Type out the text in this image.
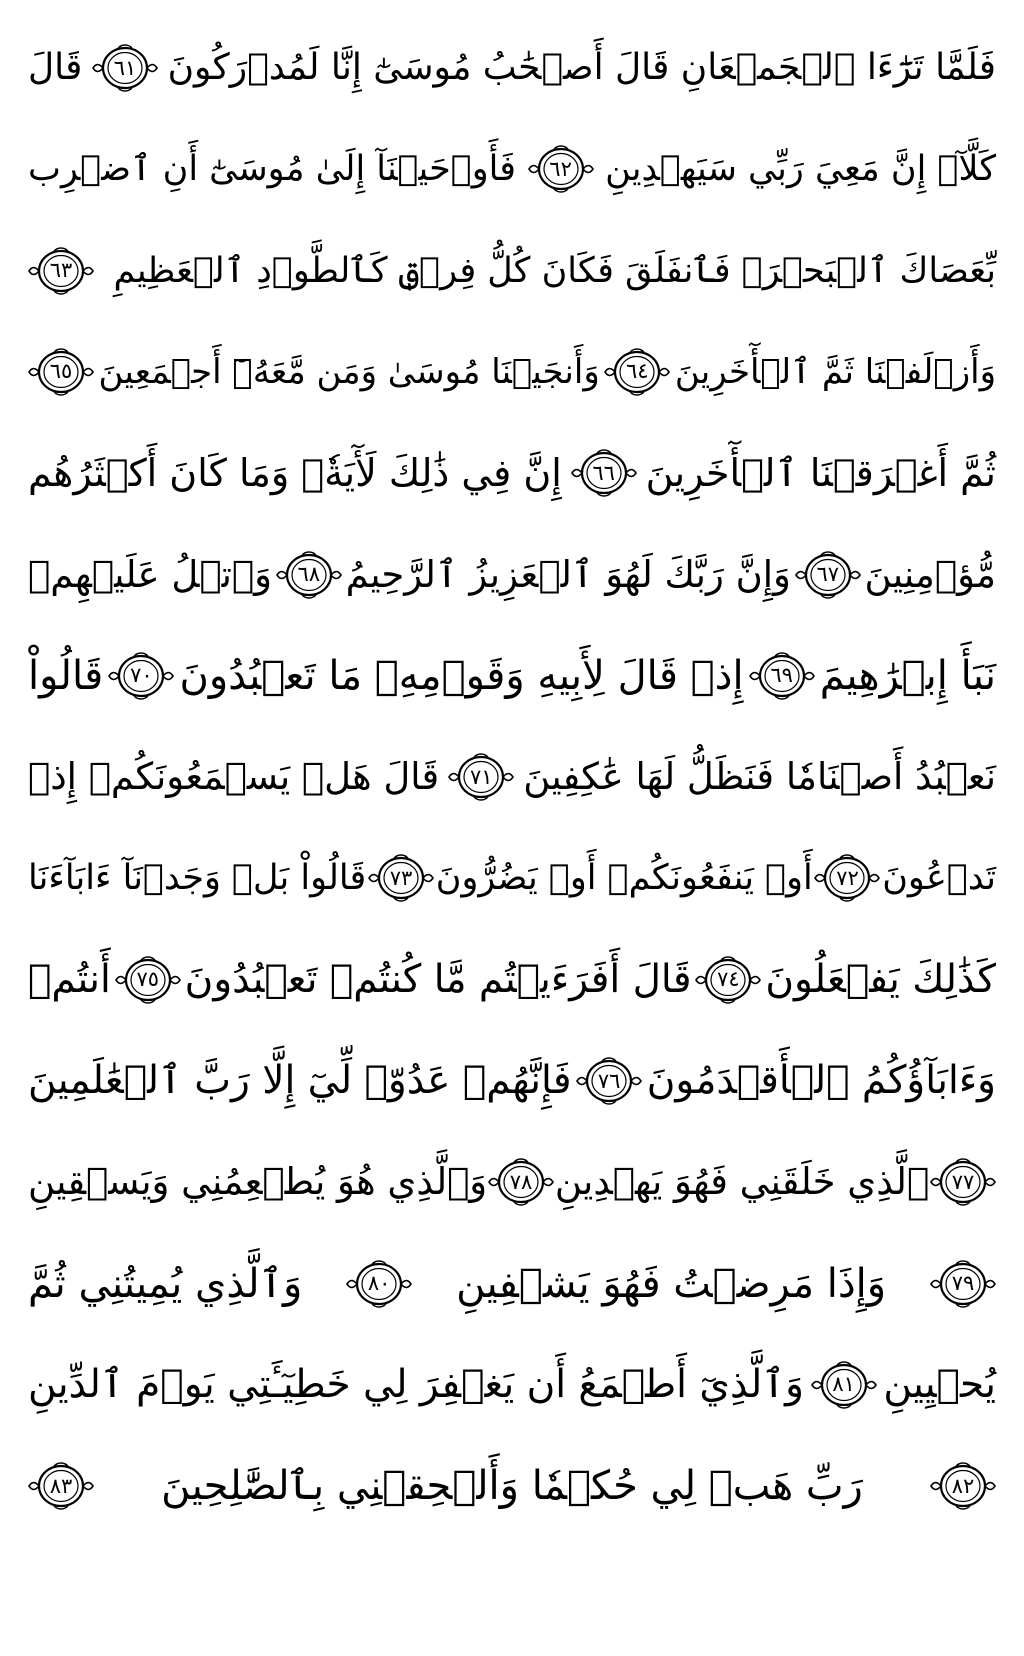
فَلَمَّا تَرَٰٓءَا ٱلۡجَمۡعَانِ قَالَ أَصۡحَٰبُ مُوسَىٰٓ إِنَّا لَمُدۡرَكُونَ
٦١
قَالَ
كَلَّآۖ إِنَّ مَعِيَ رَبِّي سَيَهۡدِينِ
٦٢
فَأَوۡحَيۡنَآ إِلَىٰ مُوسَىٰٓ أَنِ ٱضۡرِب
بِّعَصَاكَ ٱلۡبَحۡرَۖ فَٱنفَلَقَ فَكَانَ كُلُّ فِرۡقٖ كَٱلطَّوۡدِ ٱلۡعَظِيمِ
٦٣
وَأَزۡلَفۡنَا ثَمَّ ٱلۡأٓخَرِينَ
٦٤
وَأَنجَيۡنَا مُوسَىٰ وَمَن مَّعَهُۥٓ أَجۡمَعِينَ
٦٥
ثُمَّ أَغۡرَقۡنَا ٱلۡأٓخَرِينَ
٦٦
إِنَّ فِي ذَٰلِكَ لَأٓيَةٗۖ وَمَا كَانَ أَكۡثَرُهُم
مُّؤۡمِنِينَ
٦٧
وَإِنَّ رَبَّكَ لَهُوَ ٱلۡعَزِيزُ ٱلرَّحِيمُ
٦٨
وَٱتۡلُ عَلَيۡهِمۡ
نَبَأَ إِبۡرَٰهِيمَ
٦٩
إِذۡ قَالَ لِأَبِيهِ وَقَوۡمِهِۦ مَا تَعۡبُدُونَ
٧٠
قَالُواْ
نَعۡبُدُ أَصۡنَامٗا فَنَظَلُّ لَهَا عَٰكِفِينَ
٧١
قَالَ هَلۡ يَسۡمَعُونَكُمۡ إِذۡ
تَدۡعُونَ
٧٢
أَوۡ يَنفَعُونَكُمۡ أَوۡ يَضُرُّونَ
٧٣
قَالُواْ بَلۡ وَجَدۡنَآ ءَابَآءَنَا
كَذَٰلِكَ يَفۡعَلُونَ
٧٤
قَالَ أَفَرَءَيۡتُم مَّا كُنتُمۡ تَعۡبُدُونَ
٧٥
أَنتُمۡ
وَءَابَآؤُكُمُ ٱلۡأَقۡدَمُونَ
٧٦
فَإِنَّهُمۡ عَدُوّٞ لِّيٓ إِلَّا رَبَّ ٱلۡعَٰلَمِينَ
٧٧
ٱلَّذِي خَلَقَنِي فَهُوَ يَهۡدِينِ
٧٨
وَٱلَّذِي هُوَ يُطۡعِمُنِي وَيَسۡقِينِ
٧٩
وَإِذَا مَرِضۡتُ فَهُوَ يَشۡفِينِ
٨٠
وَٱلَّذِي يُمِيتُنِي ثُمَّ
يُحۡيِينِ
٨١
وَٱلَّذِيٓ أَطۡمَعُ أَن يَغۡفِرَ لِي خَطِيٓـَٔتِي يَوۡمَ ٱلدِّينِ
٨٢
رَبِّ هَبۡ لِي حُكۡمٗا وَأَلۡحِقۡنِي بِٱلصَّٰلِحِينَ
٨٣
